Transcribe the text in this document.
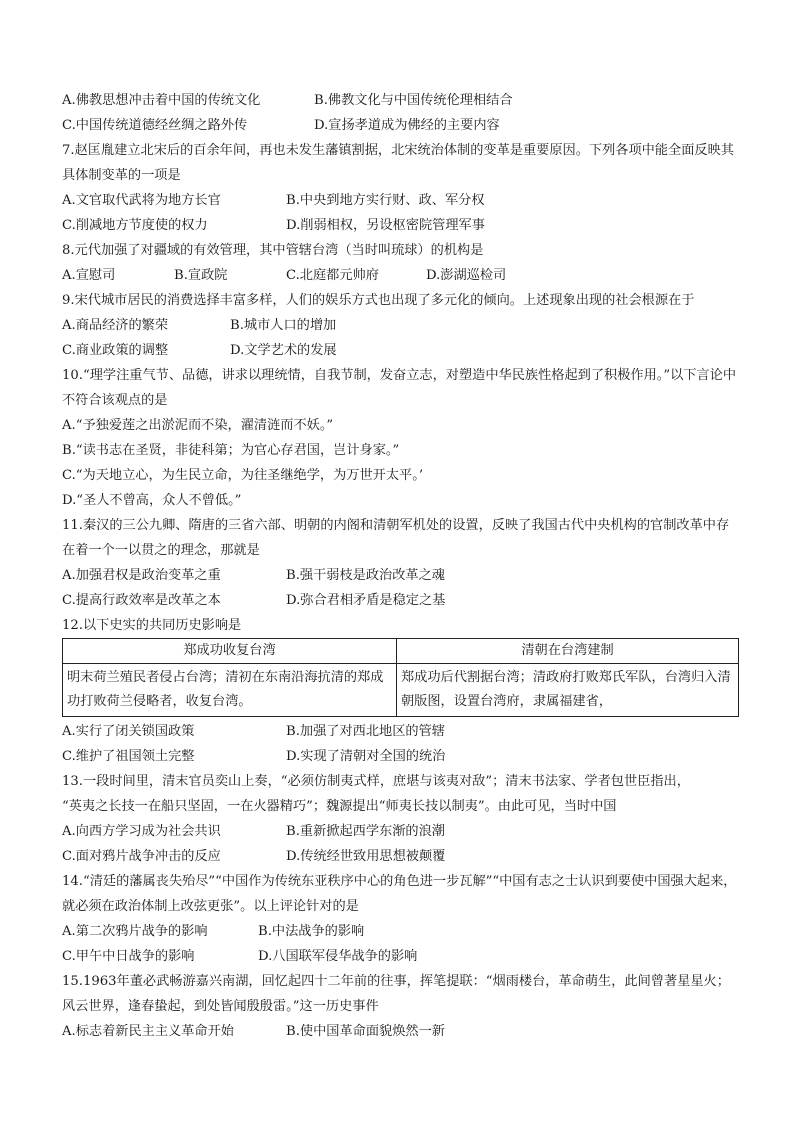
A.佛教思想冲击着中国的传统文化	B.佛教文化与中国传统伦理相结合
C.中国传统道德经丝绸之路外传	D.宣扬孝道成为佛经的主要内容
7.赵匡胤建立北宋后的百余年间，再也未发生藩镇割据，北宋统治体制的变革是重要原因。下列各项中能全面反映其具体制变革的一项是
A.文官取代武将为地方长官	B.中央到地方实行财、政、军分权
C.削减地方节度使的权力	D.削弱相权，另设枢密院管理军事
8.元代加强了对疆域的有效管理，其中管辖台湾（当时叫琉球）的机构是
A.宣慰司	B.宣政院	C.北庭都元帅府	D.澎湖巡检司
9.宋代城市居民的消费选择丰富多样，人们的娱乐方式也出现了多元化的倾向。上述现象出现的社会根源在于
A.商品经济的繁荣	B.城市人口的增加
C.商业政策的调整	D.文学艺术的发展
10.“理学注重气节、品德，讲求以理统情，自我节制，发奋立志，对塑造中华民族性格起到了积极作用。”以下言论中不符合该观点的是
A.“予独爱莲之出淤泥而不染，濯清涟而不妖。”
B.“读书志在圣贤，非徒科第；为官心存君国，岂计身家。”
C.“为天地立心，为生民立命，为往圣继绝学，为万世开太平。’
D.“圣人不曾高，众人不曾低。”
11.秦汉的三公九卿、隋唐的三省六部、明朝的内阁和清朝军机处的设置，反映了我国古代中央机构的官制改革中存在着一个一以贯之的理念，那就是
A.加强君权是政治变革之重	B.强干弱枝是政治改革之魂
C.提高行政效率是改革之本	D.弥合君相矛盾是稳定之基
12.以下史实的共同历史影响是
郑成功收复台湾	清朝在台湾建制
明末荷兰殖民者侵占台湾；清初在东南沿海抗清的郑成功打败荷兰侵略者，收复台湾。	郑成功后代割据台湾；清政府打败郑氏军队，台湾归入清朝版图，设置台湾府，隶属福建省，
A.实行了闭关锁国政策	B.加强了对西北地区的管辖
C.维护了祖国领土完整	D.实现了清朝对全国的统治
13.一段时间里，清末官员奕山上奏，“必须仿制夷式样，庶堪与该夷对敌”；清末书法家、学者包世臣指出，
“英夷之长技一在船只坚固，一在火器精巧”；魏源提出“师夷长技以制夷”。由此可见，当时中国
A.向西方学习成为社会共识	B.重新掀起西学东渐的浪潮
C.面对鸦片战争冲击的反应	D.传统经世致用思想被颠覆
14.“清廷的藩属丧失殆尽”“中国作为传统东亚秩序中心的角色进一步瓦解”“中国有志之士认识到要使中国强大起来，就必须在政治体制上改弦更张”。以上评论针对的是
A.第二次鸦片战争的影响	B.中法战争的影响
C.甲午中日战争的影响	D.八国联军侵华战争的影响
15.1963年董必武畅游嘉兴南湖，回忆起四十二年前的往事，挥笔提联：“烟雨楼台，革命萌生，此间曾著星星火；风云世界，逢春蛰起，到处皆闻殷殷雷。”这一历史事件
A.标志着新民主主义革命开始	B.使中国革命面貌焕然一新
